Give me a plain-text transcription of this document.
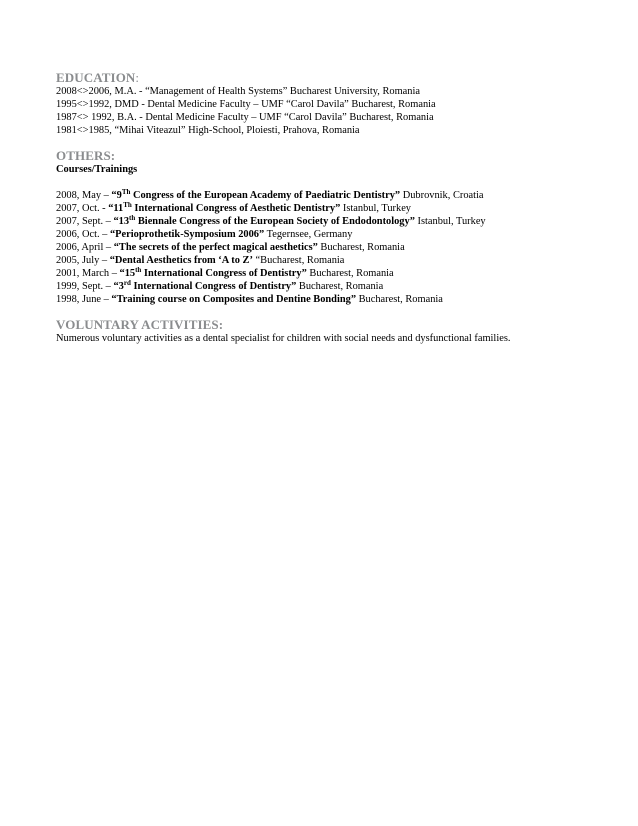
EDUCATION:

2008<>2006, M.A. - “Management of Health Systems” Bucharest University, Romania

1995<>1992, DMD - Dental Medicine Faculty – UMF “Carol Davila” Bucharest, Romania

1987<> 1992, B.A. - Dental Medicine Faculty – UMF “Carol Davila” Bucharest, Romania

1981<>1985, “Mihai Viteazul” High-School, Ploiesti, Prahova, Romania

OTHERS:

Courses/Trainings

2008, May – “9Th Congress of the European Academy of Paediatric Dentistry” Dubrovnik, Croatia

2007, Oct. - “11Th International Congress of Aesthetic Dentistry” Istanbul, Turkey

2007, Sept. – “13th Biennale Congress of the European Society of Endodontology” Istanbul, Turkey

2006, Oct. – “Perioprothetik-Symposium 2006” Tegernsee, Germany

2006, April – “The secrets of the perfect magical aesthetics” Bucharest, Romania

2005, July – “Dental Aesthetics from ‘A to Z’ “Bucharest, Romania

2001, March – “15th International Congress of Dentistry” Bucharest, Romania

1999, Sept. – “3rd International Congress of Dentistry” Bucharest, Romania

1998, June – “Training course on Composites and Dentine Bonding” Bucharest, Romania

VOLUNTARY ACTIVITIES:

Numerous voluntary activities as a dental specialist for children with social needs and dysfunctional families.
